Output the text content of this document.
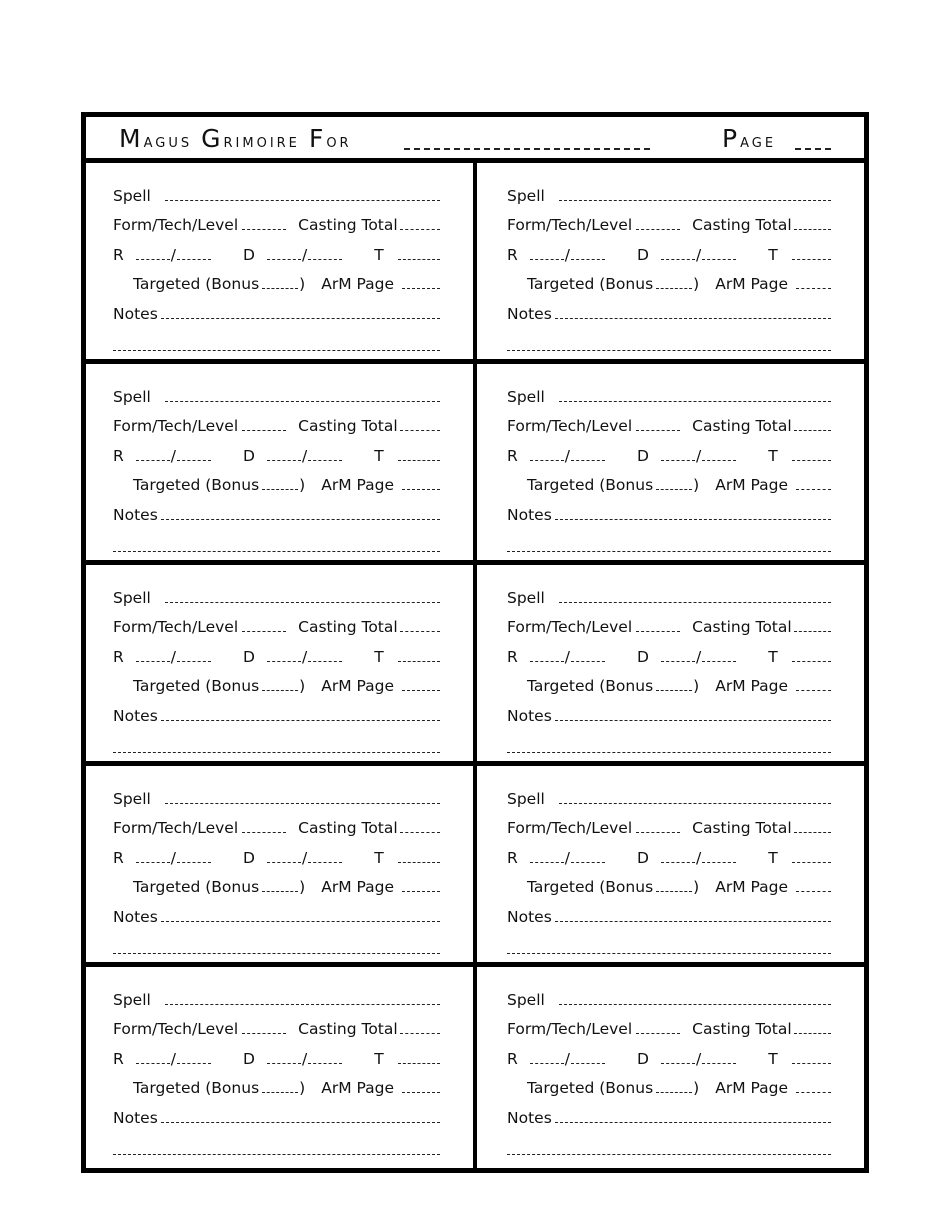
Magus Grimoire For	Page
Spell
Form/Tech/Level	Casting Total
R	/	D	/	T
Targeted (Bonus	) ArM Page
Notes
Spell
Form/Tech/Level	Casting Total
R	/	D	/	T
Targeted (Bonus	) ArM Page
Notes
Spell
Form/Tech/Level	Casting Total
R	/	D	/	T
Targeted (Bonus	) ArM Page
Notes
Spell
Form/Tech/Level	Casting Total
R	/	D	/	T
Targeted (Bonus	) ArM Page
Notes
Spell
Form/Tech/Level	Casting Total
R	/	D	/	T
Targeted (Bonus	) ArM Page
Notes
Spell
Form/Tech/Level	Casting Total
R	/	D	/	T
Targeted (Bonus	) ArM Page
Notes
Spell
Form/Tech/Level	Casting Total
R	/	D	/	T
Targeted (Bonus	) ArM Page
Notes
Spell
Form/Tech/Level	Casting Total
R	/	D	/	T
Targeted (Bonus	) ArM Page
Notes
Spell
Form/Tech/Level	Casting Total
R	/	D	/	T
Targeted (Bonus	) ArM Page
Notes
Spell
Form/Tech/Level	Casting Total
R	/	D	/	T
Targeted (Bonus	) ArM Page
Notes
